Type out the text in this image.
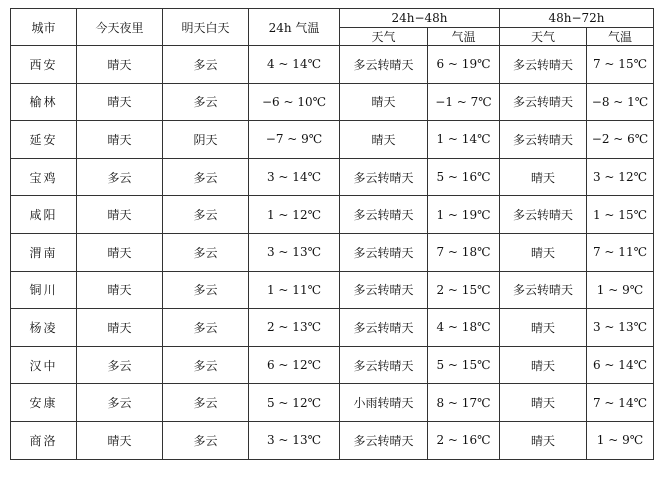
城市	今天夜里	明天白天	24h 气温	24h−48h		48h−72h	
				天气	气温	天气	气温
西安	晴天	多云	4 ~ 14℃	多云转晴天	6 ~ 19℃	多云转晴天	7 ~ 15℃
榆林	晴天	多云	−6 ~ 10℃	晴天	−1 ~ 7℃	多云转晴天	−8 ~ 1℃
延安	晴天	阴天	−7 ~ 9℃	晴天	1 ~ 14℃	多云转晴天	−2 ~ 6℃
宝鸡	多云	多云	3 ~ 14℃	多云转晴天	5 ~ 16℃	晴天	3 ~ 12℃
咸阳	晴天	多云	1 ~ 12℃	多云转晴天	1 ~ 19℃	多云转晴天	1 ~ 15℃
渭南	晴天	多云	3 ~ 13℃	多云转晴天	7 ~ 18℃	晴天	7 ~ 11℃
铜川	晴天	多云	1 ~ 11℃	多云转晴天	2 ~ 15℃	多云转晴天	1 ~ 9℃
杨凌	晴天	多云	2 ~ 13℃	多云转晴天	4 ~ 18℃	晴天	3 ~ 13℃
汉中	多云	多云	6 ~ 12℃	多云转晴天	5 ~ 15℃	晴天	6 ~ 14℃
安康	多云	多云	5 ~ 12℃	小雨转晴天	8 ~ 17℃	晴天	7 ~ 14℃
商洛	晴天	多云	3 ~ 13℃	多云转晴天	2 ~ 16℃	晴天	1 ~ 9℃
